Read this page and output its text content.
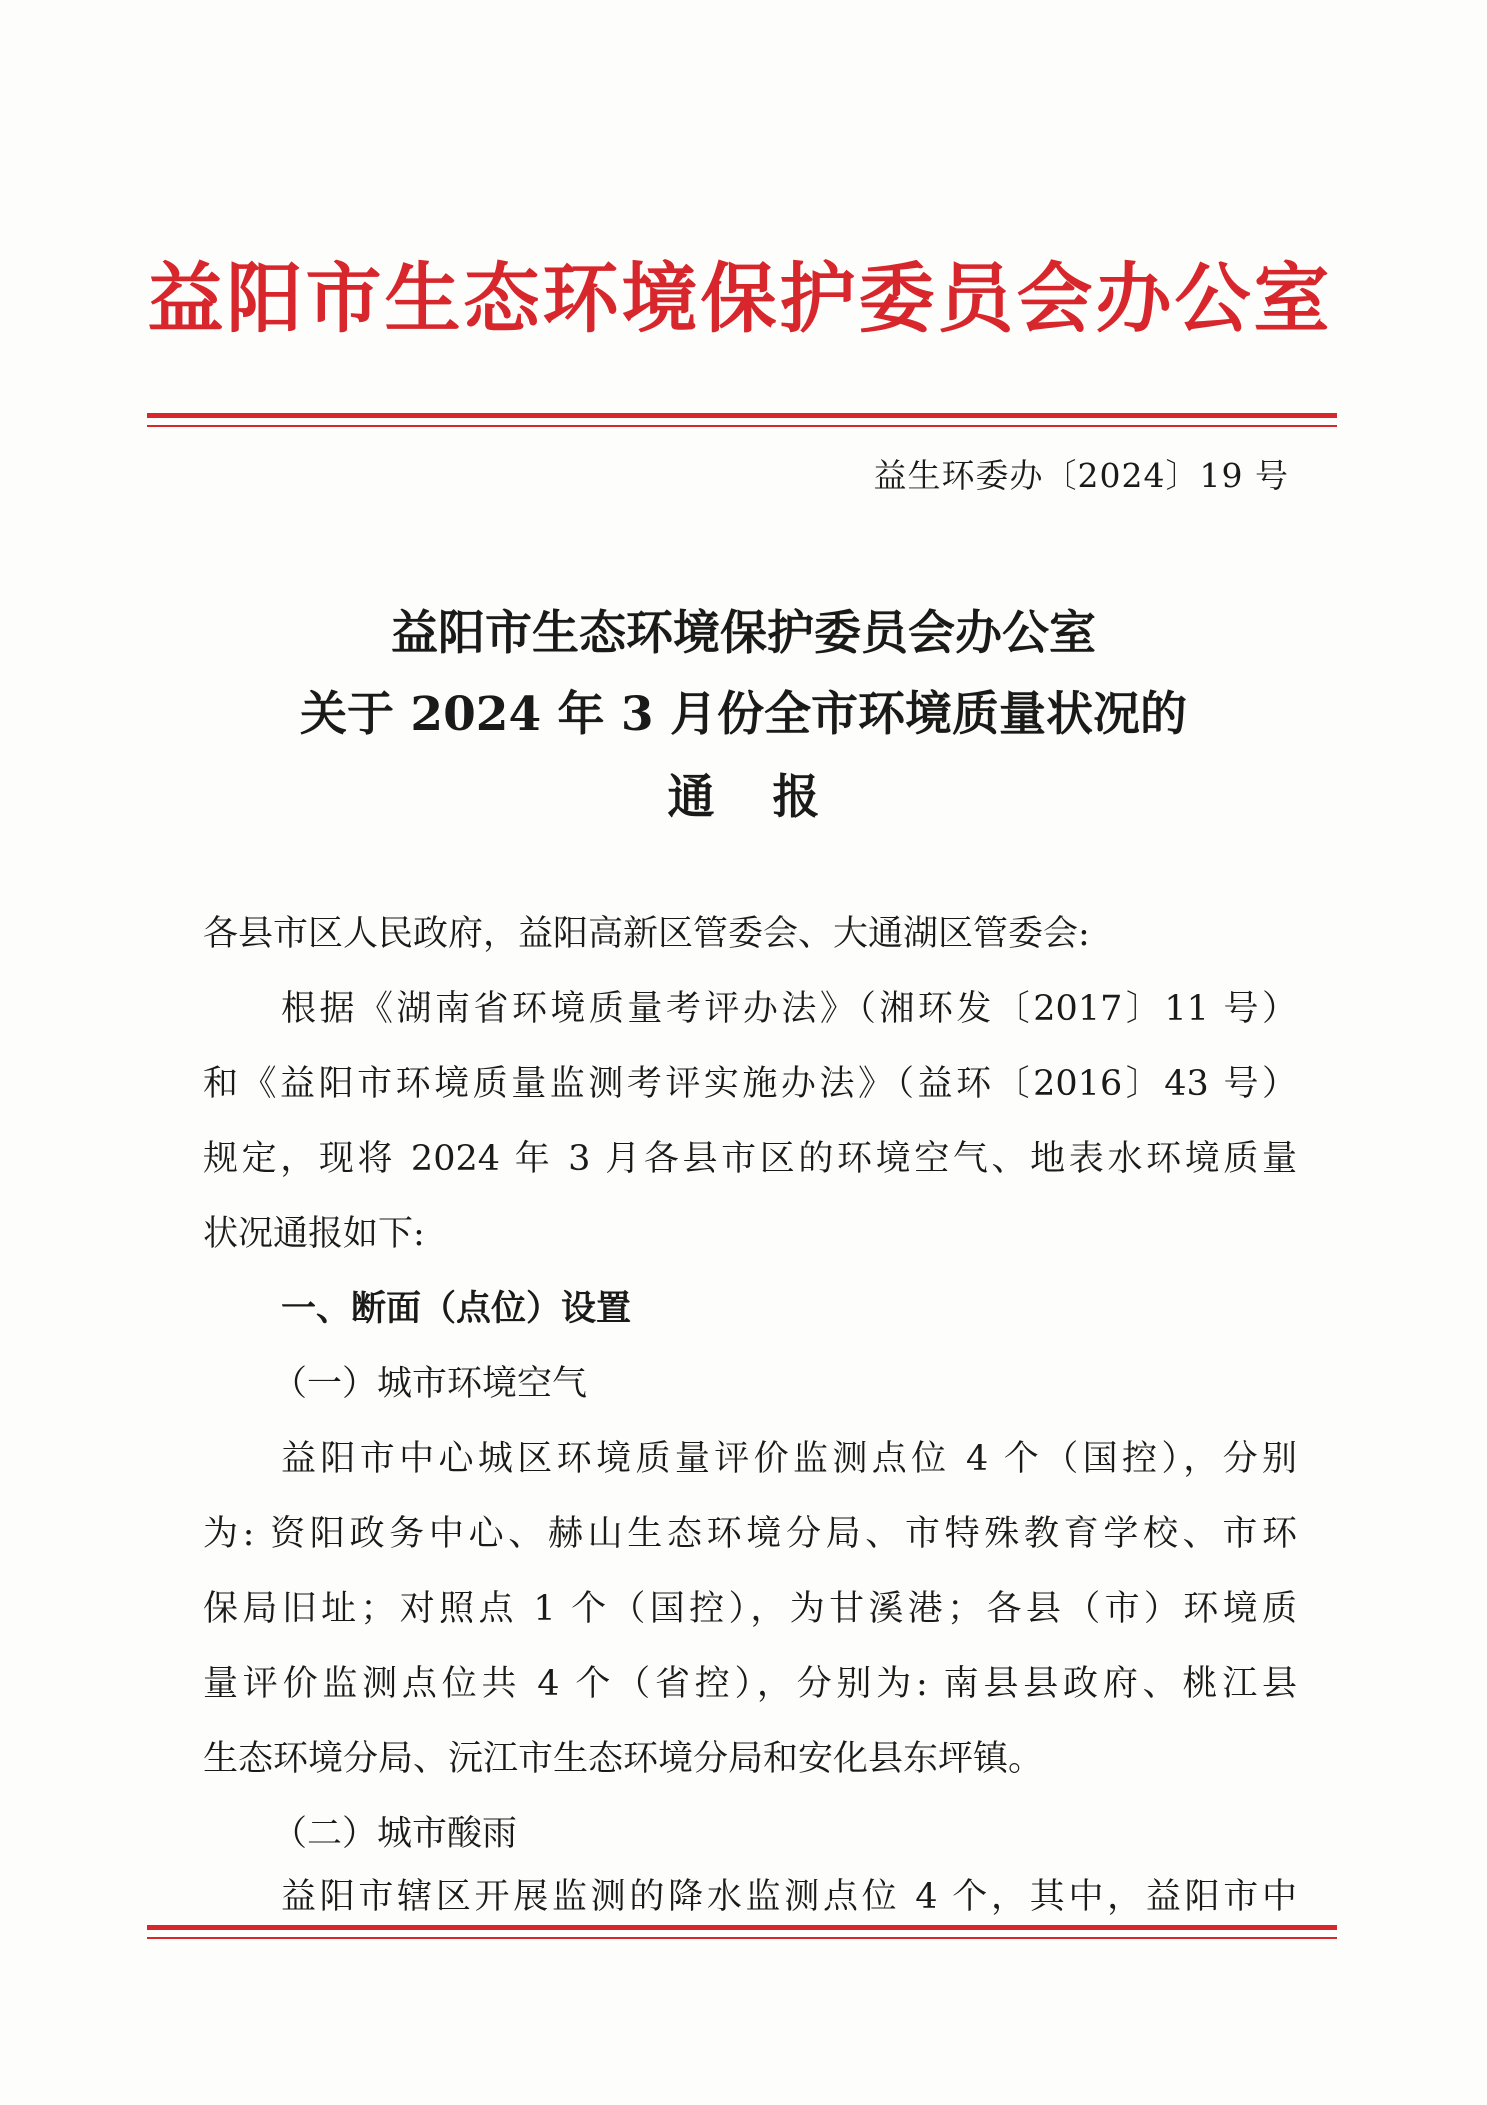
益阳市生态环境保护委员会办公室
益生环委办〔2024〕19 号
益阳市生态环境保护委员会办公室
关于 2024 年 3 月份全市环境质量状况的
通报
各县市区人民政府，益阳高新区管委会、大通湖区管委会:
根据《湖南省环境质量考评办法》（湘环发〔2017〕11 号）
和《益阳市环境质量监测考评实施办法》（益环〔2016〕43 号）
规定，现将 2024 年 3 月各县市区的环境空气、地表水环境质量
状况通报如下:
一、断面（点位）设置
（一）城市环境空气
益阳市中心城区环境质量评价监测点位 4 个（国控），分别
为: 资阳政务中心、赫山生态环境分局、市特殊教育学校、市环
保局旧址；对照点 1 个（国控），为甘溪港；各县（市）环境质
量评价监测点位共 4 个（省控），分别为: 南县县政府、桃江县
生态环境分局、沅江市生态环境分局和安化县东坪镇。
（二）城市酸雨
益阳市辖区开展监测的降水监测点位 4 个，其中，益阳市中
